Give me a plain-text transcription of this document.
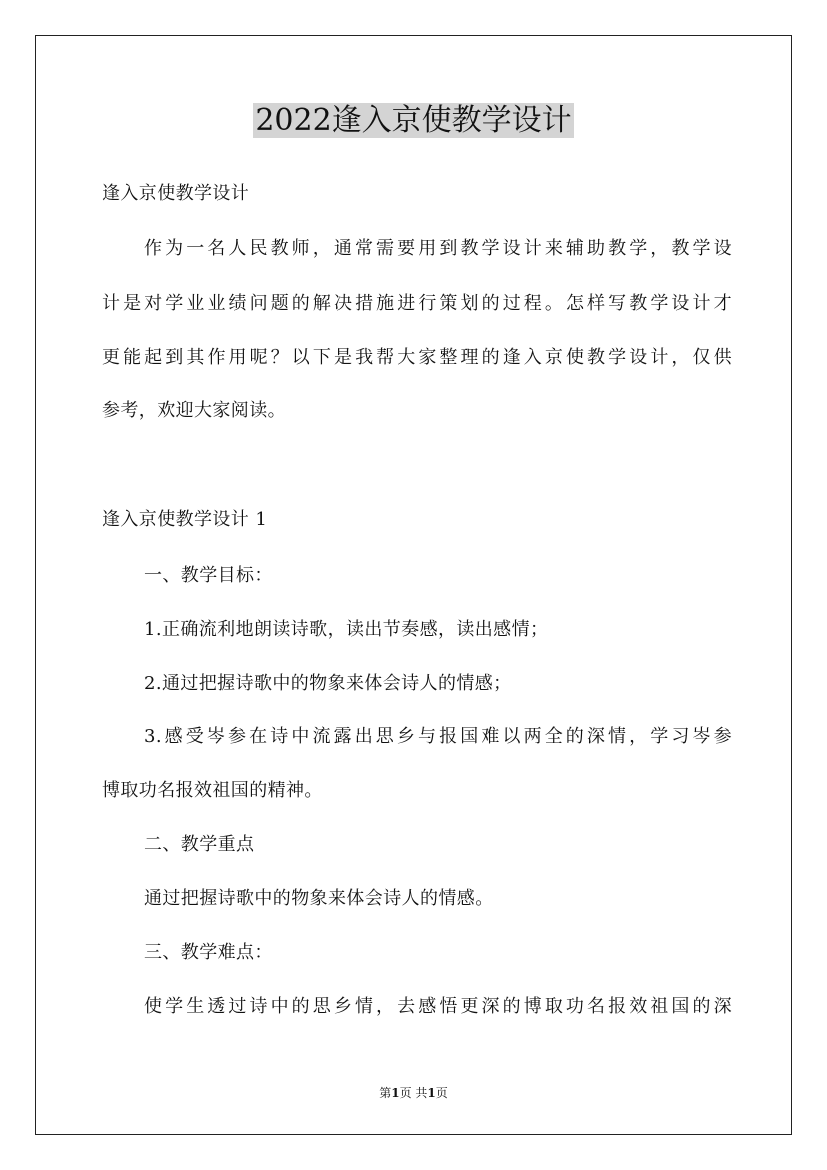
2022逢入京使教学设计

逢入京使教学设计

作为一名人民教师，通常需要用到教学设计来辅助教学，教学设

计是对学业业绩问题的解决措施进行策划的过程。怎样写教学设计才

更能起到其作用呢？以下是我帮大家整理的逢入京使教学设计，仅供

参考，欢迎大家阅读。

逢入京使教学设计 1

一、教学目标：

1.正确流利地朗读诗歌，读出节奏感，读出感情；

2.通过把握诗歌中的物象来体会诗人的情感；

3.感受岑参在诗中流露出思乡与报国难以两全的深情，学习岑参

博取功名报效祖国的精神。

二、教学重点

通过把握诗歌中的物象来体会诗人的情感。

三、教学难点：

使学生透过诗中的思乡情，去感悟更深的博取功名报效祖国的深

第1页 共1页
